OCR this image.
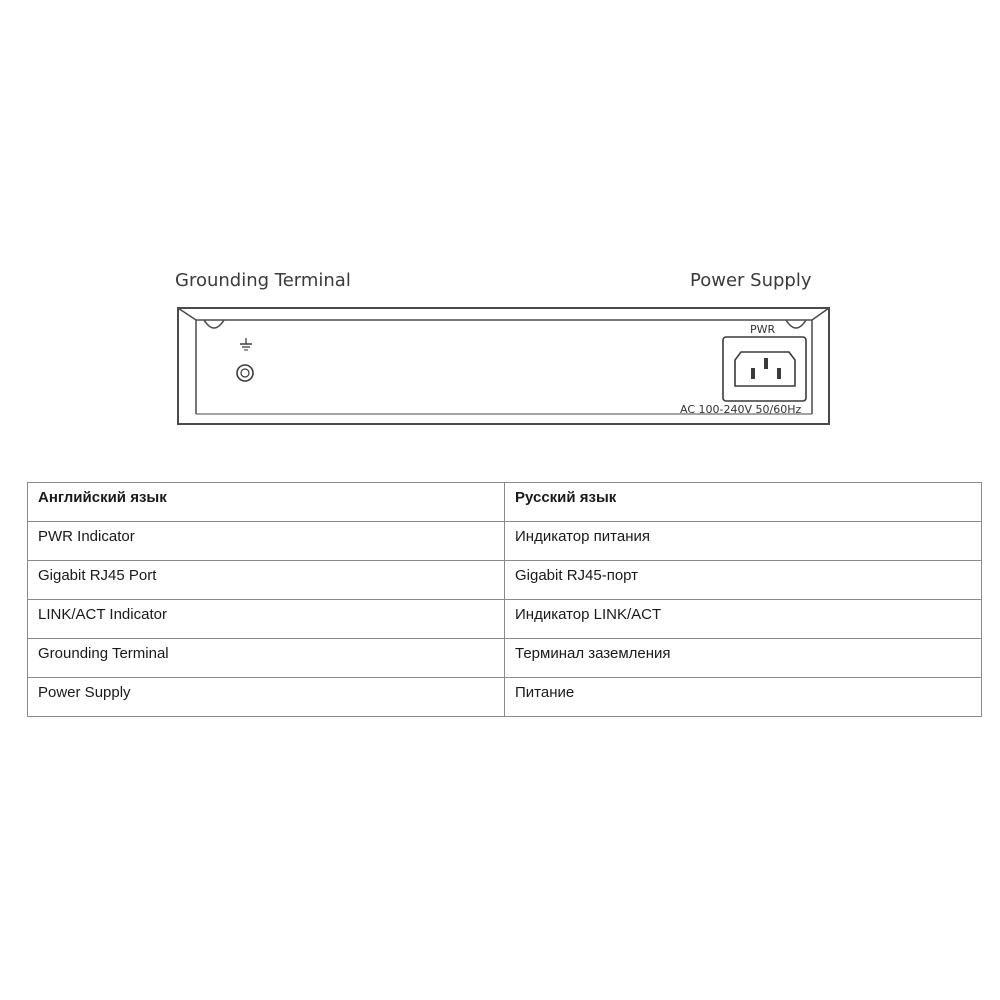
Grounding Terminal	Power Supply
PWR
AC 100-240V 50/60Hz
Английский язык	Русский язык
PWR Indicator	Индикатор питания
Gigabit RJ45 Port	Gigabit RJ45-порт
LINK/ACT Indicator	Индикатор LINK/ACT
Grounding Terminal	Терминал заземления
Power Supply	Питание
